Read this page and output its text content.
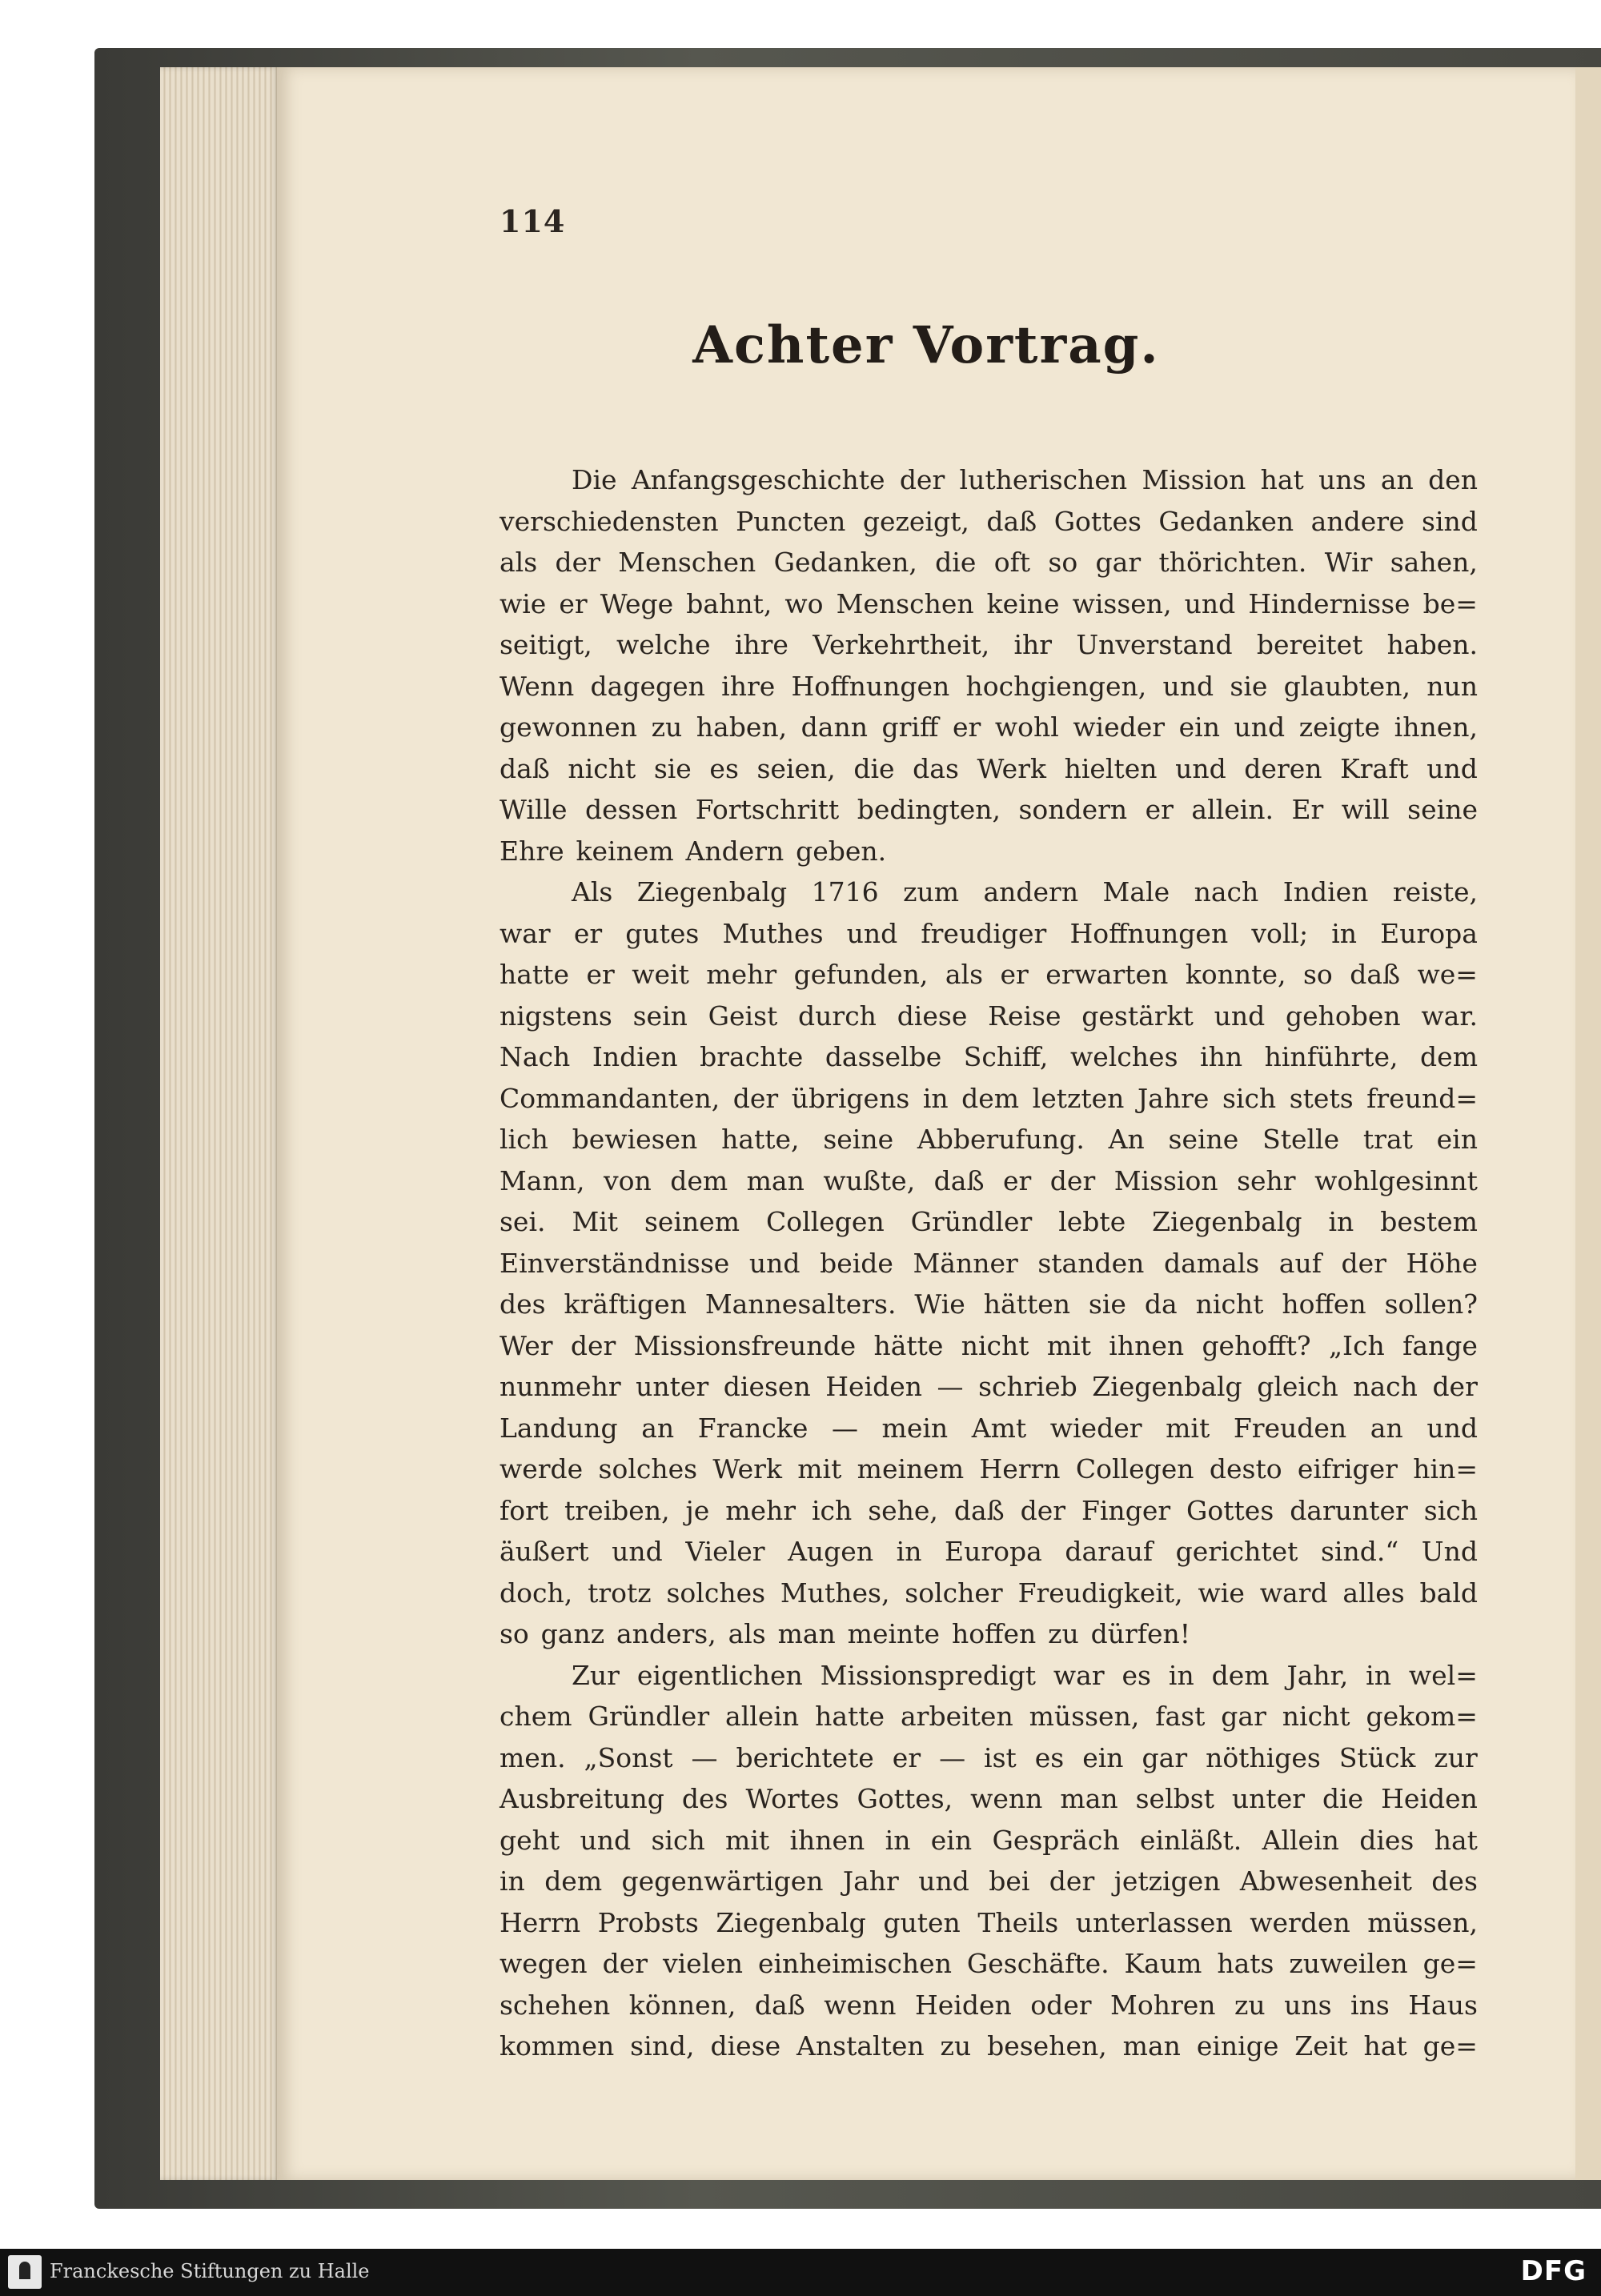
114
Achter Vortrag.
Die Anfangsgeschichte der lutherischen Mission hat uns an den
verschiedensten Puncten gezeigt, daß Gottes Gedanken andere sind
als der Menschen Gedanken, die oft so gar thörichten. Wir sahen,
wie er Wege bahnt, wo Menschen keine wissen, und Hindernisse be=
seitigt, welche ihre Verkehrtheit, ihr Unverstand bereitet haben.
Wenn dagegen ihre Hoffnungen hochgiengen, und sie glaubten, nun
gewonnen zu haben, dann griff er wohl wieder ein und zeigte ihnen,
daß nicht sie es seien, die das Werk hielten und deren Kraft und
Wille dessen Fortschritt bedingten, sondern er allein. Er will seine
Ehre keinem Andern geben.
Als Ziegenbalg 1716 zum andern Male nach Indien reiste,
war er gutes Muthes und freudiger Hoffnungen voll; in Europa
hatte er weit mehr gefunden, als er erwarten konnte, so daß we=
nigstens sein Geist durch diese Reise gestärkt und gehoben war.
Nach Indien brachte dasselbe Schiff, welches ihn hinführte, dem
Commandanten, der übrigens in dem letzten Jahre sich stets freund=
lich bewiesen hatte, seine Abberufung. An seine Stelle trat ein
Mann, von dem man wußte, daß er der Mission sehr wohlgesinnt
sei. Mit seinem Collegen Gründler lebte Ziegenbalg in bestem
Einverständnisse und beide Männer standen damals auf der Höhe
des kräftigen Mannesalters. Wie hätten sie da nicht hoffen sollen?
Wer der Missionsfreunde hätte nicht mit ihnen gehofft? „Ich fange
nunmehr unter diesen Heiden — schrieb Ziegenbalg gleich nach der
Landung an Francke — mein Amt wieder mit Freuden an und
werde solches Werk mit meinem Herrn Collegen desto eifriger hin=
fort treiben, je mehr ich sehe, daß der Finger Gottes darunter sich
äußert und Vieler Augen in Europa darauf gerichtet sind.“ Und
doch, trotz solches Muthes, solcher Freudigkeit, wie ward alles bald
so ganz anders, als man meinte hoffen zu dürfen!
Zur eigentlichen Missionspredigt war es in dem Jahr, in wel=
chem Gründler allein hatte arbeiten müssen, fast gar nicht gekom=
men. „Sonst — berichtete er — ist es ein gar nöthiges Stück zur
Ausbreitung des Wortes Gottes, wenn man selbst unter die Heiden
geht und sich mit ihnen in ein Gespräch einläßt. Allein dies hat
in dem gegenwärtigen Jahr und bei der jetzigen Abwesenheit des
Herrn Probsts Ziegenbalg guten Theils unterlassen werden müssen,
wegen der vielen einheimischen Geschäfte. Kaum hats zuweilen ge=
schehen können, daß wenn Heiden oder Mohren zu uns ins Haus
kommen sind, diese Anstalten zu besehen, man einige Zeit hat ge=
Franckesche Stiftungen zu Halle	DFG
